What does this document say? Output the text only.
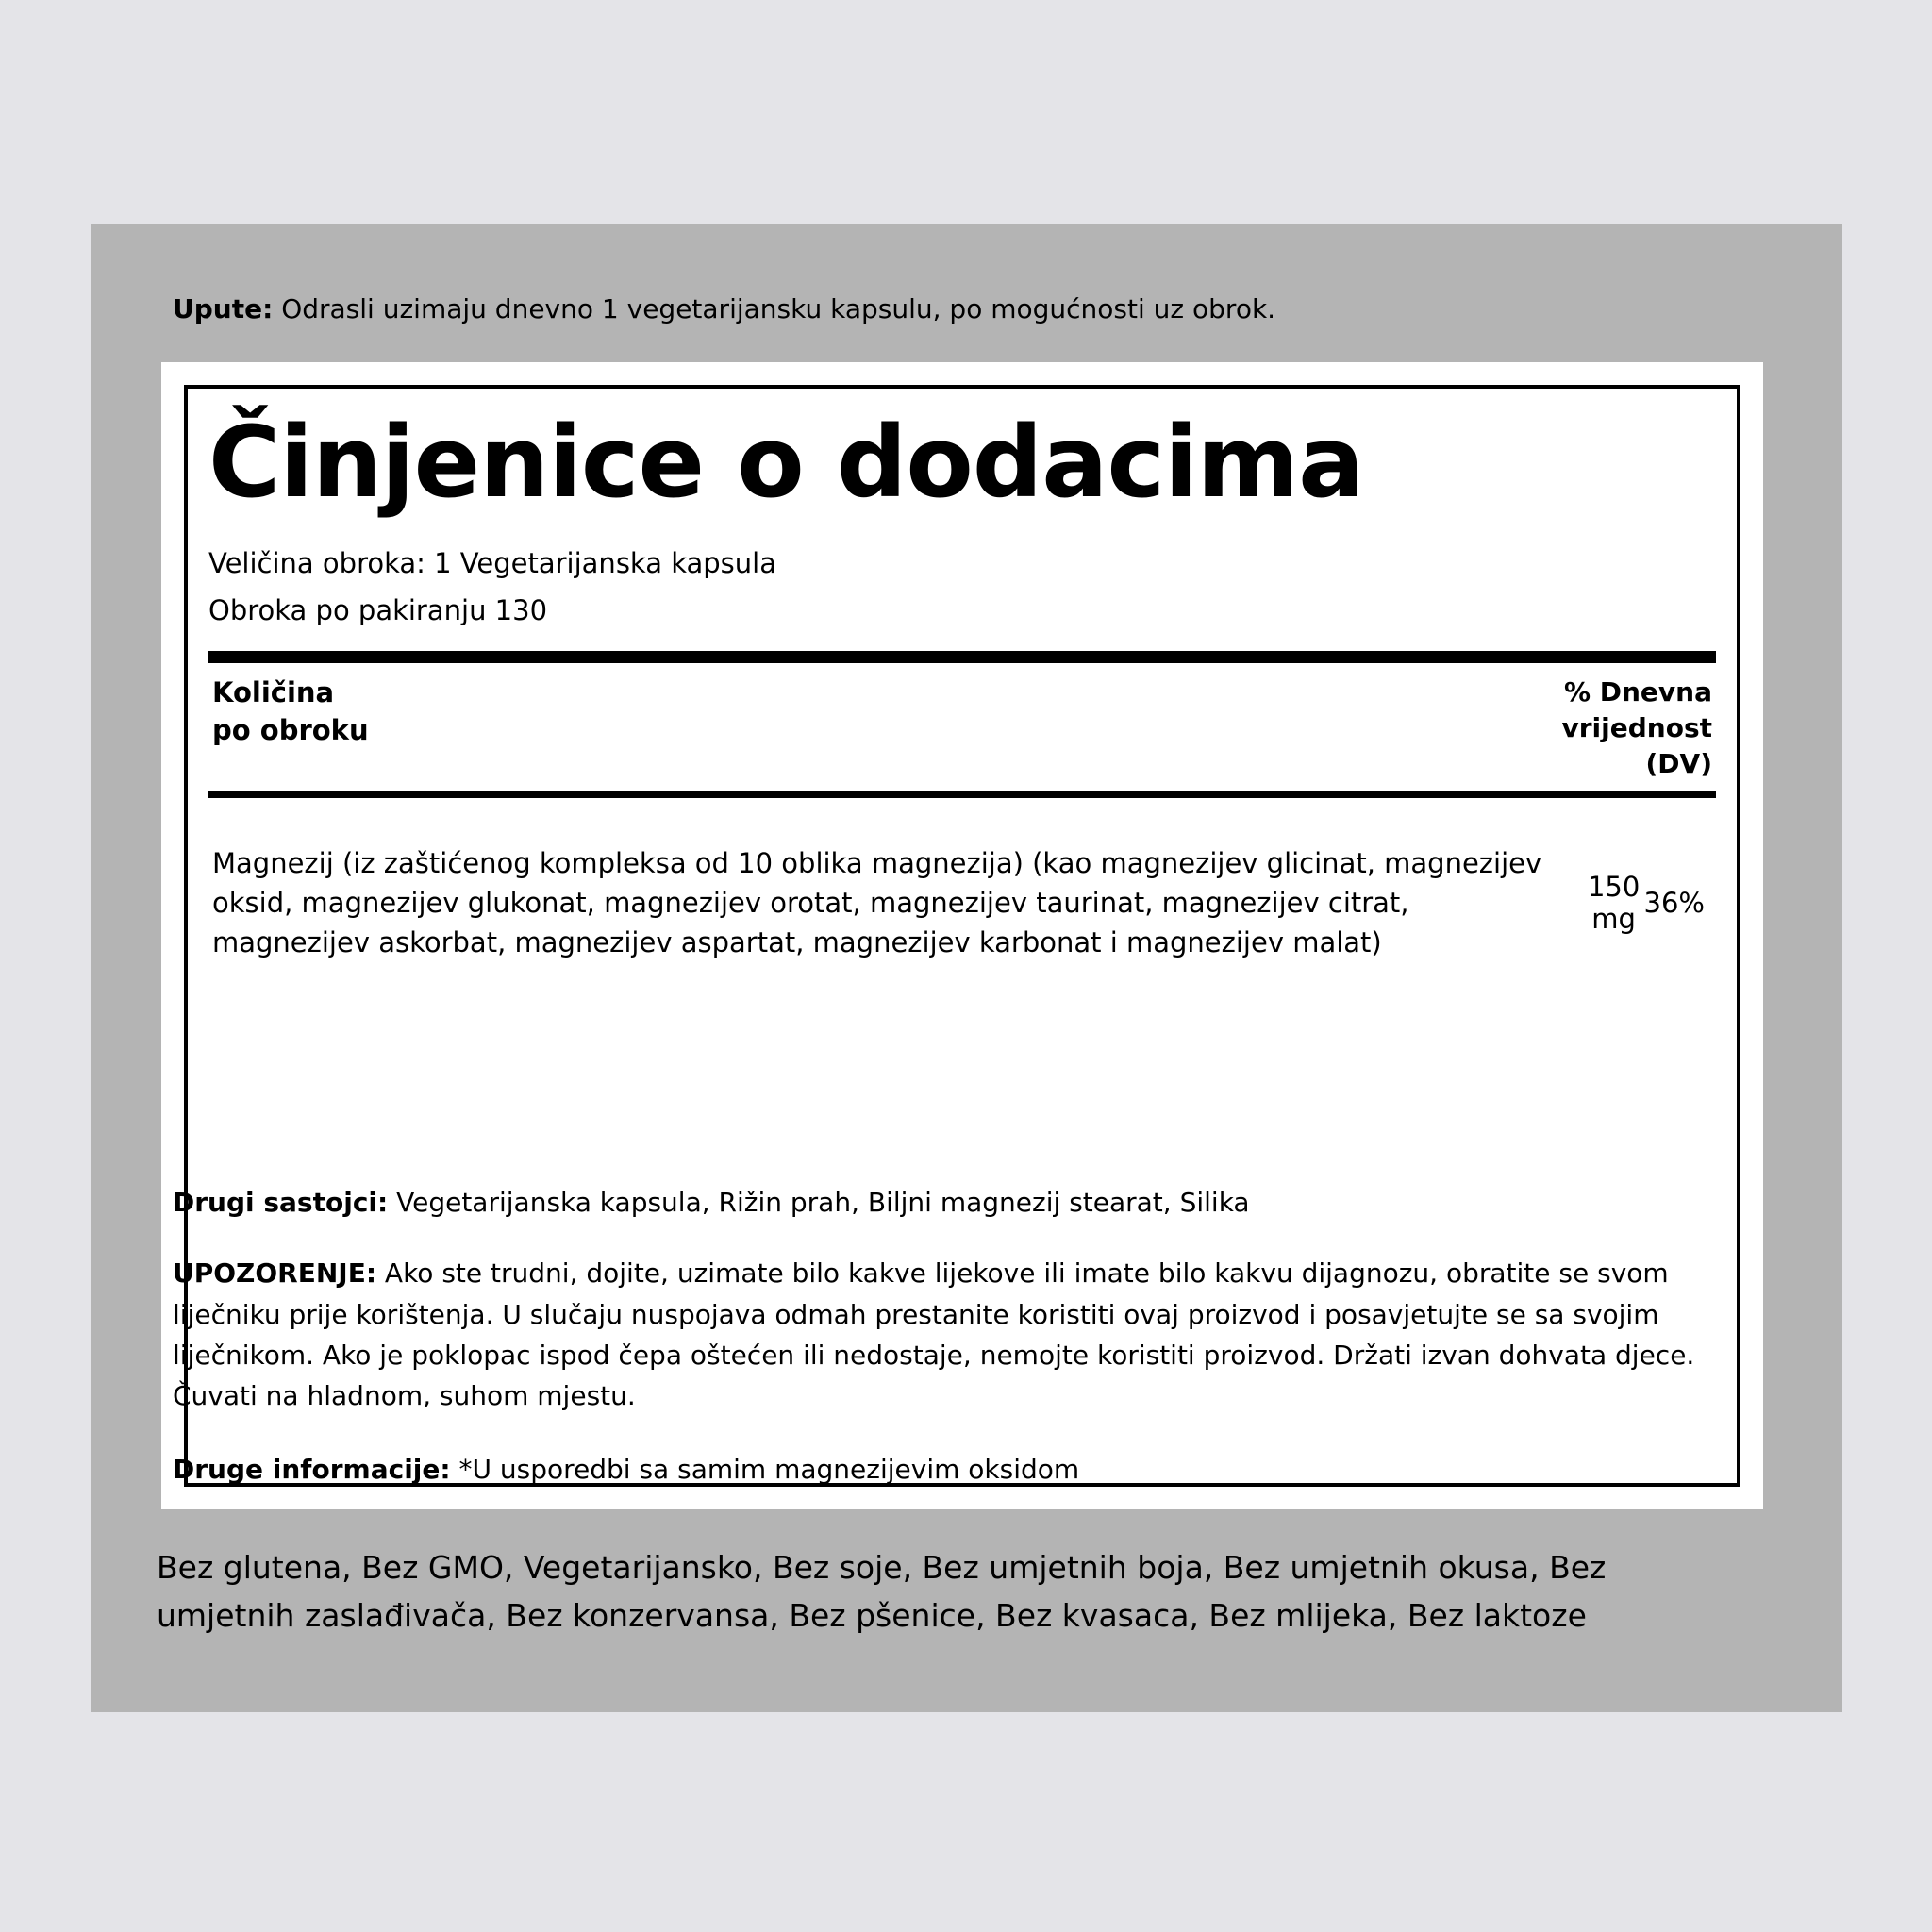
Upute: Odrasli uzimaju dnevno 1 vegetarijansku kapsulu, po mogućnosti uz obrok.
Činjenice o dodacima
Veličina obroka: 1 Vegetarijanska kapsula
Obroka po pakiranju 130
Količina
po obroku
% Dnevna
vrijednost
(DV)
Magnezij (iz zaštićenog kompleksa od 10 oblika magnezija) (kao magnezijev glicinat, magnezijev oksid, magnezijev glukonat, magnezijev orotat, magnezijev taurinat, magnezijev citrat, magnezijev askorbat, magnezijev aspartat, magnezijev karbonat i magnezijev malat)
150 mg 36%
Drugi sastojci: Vegetarijanska kapsula, Rižin prah, Biljni magnezij stearat, Silika
UPOZORENJE: Ako ste trudni, dojite, uzimate bilo kakve lijekove ili imate bilo kakvu dijagnozu, obratite se svom liječniku prije korištenja. U slučaju nuspojava odmah prestanite koristiti ovaj proizvod i posavjetujte se sa svojim liječnikom. Ako je poklopac ispod čepa oštećen ili nedostaje, nemojte koristiti proizvod. Držati izvan dohvata djece. Čuvati na hladnom, suhom mjestu.
Druge informacije: *U usporedbi sa samim magnezijevim oksidom
Bez glutena, Bez GMO, Vegetarijansko, Bez soje, Bez umjetnih boja, Bez umjetnih okusa, Bez umjetnih zaslađivača, Bez konzervansa, Bez pšenice, Bez kvasaca, Bez mlijeka, Bez laktoze
